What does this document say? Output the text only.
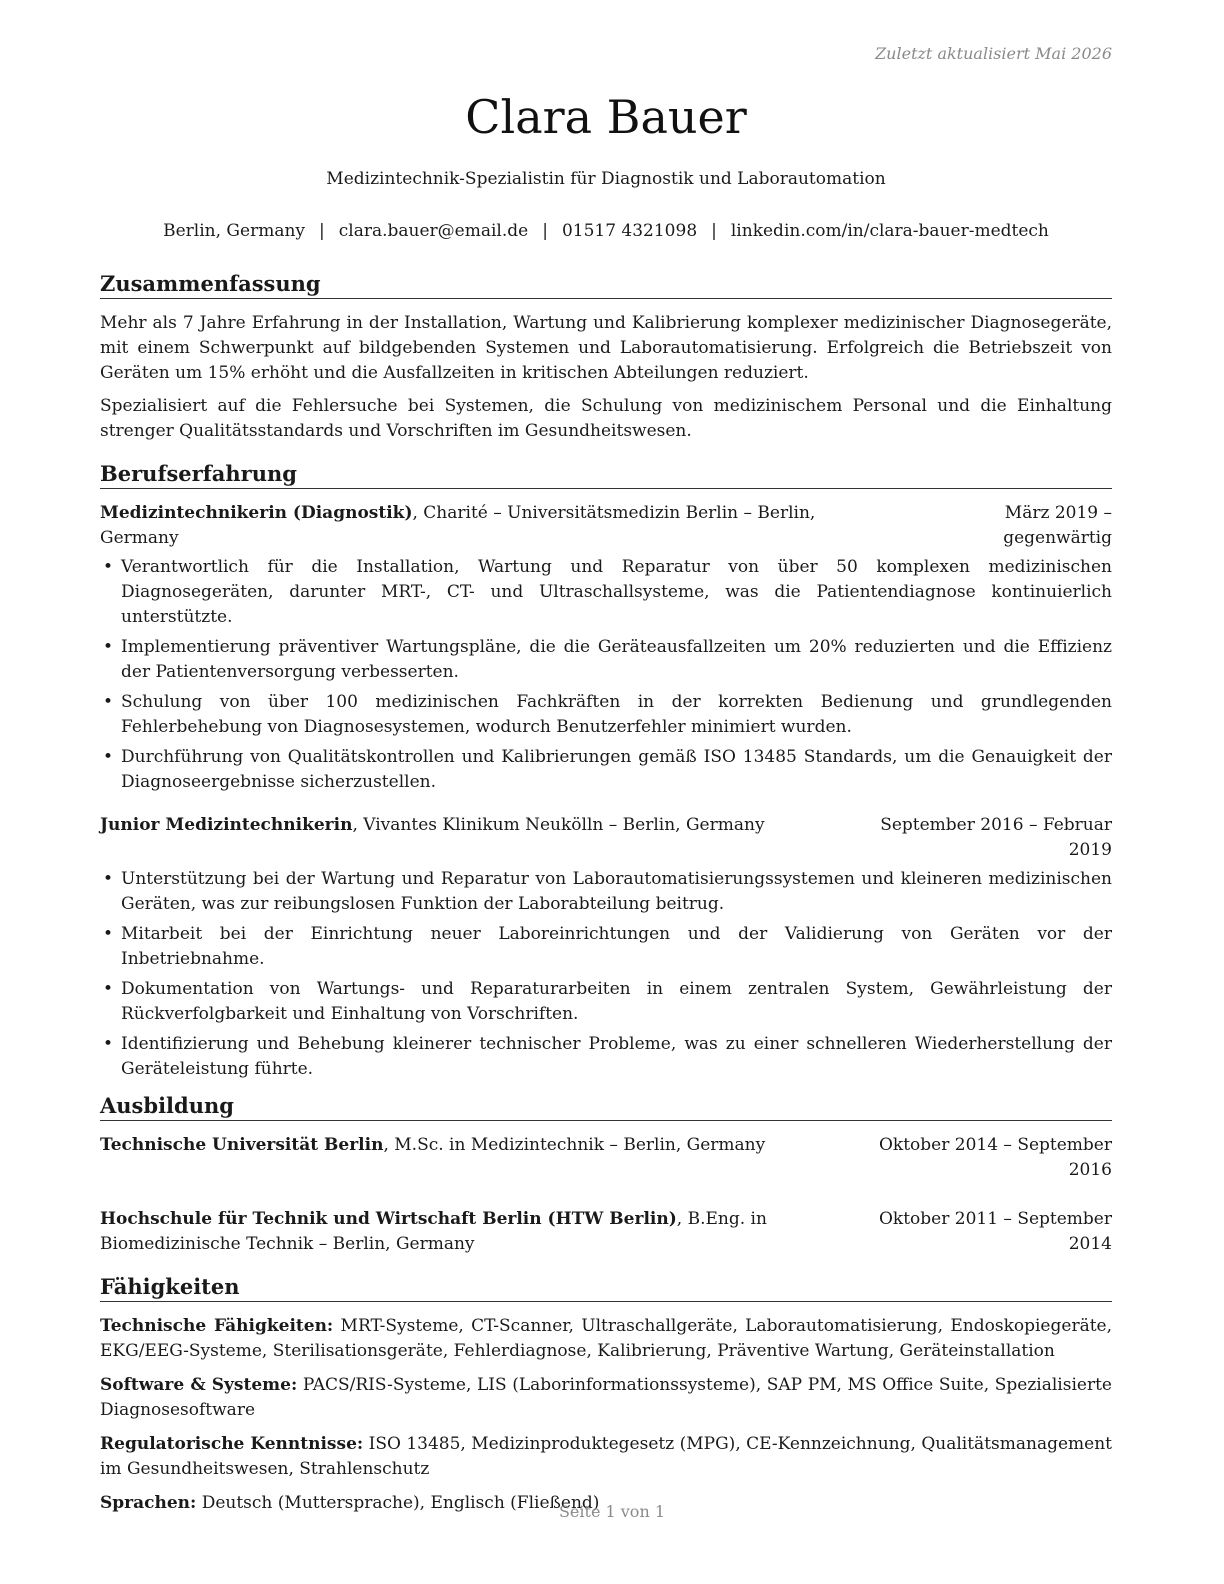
Zuletzt aktualisiert Mai 2026
Clara Bauer
Medizintechnik-Spezialistin für Diagnostik und Laborautomation
Berlin, Germany | clara.bauer@email.de | 01517 4321098 | linkedin.com/in/clara-bauer-medtech
Zusammenfassung

Mehr als 7 Jahre Erfahrung in der Installation, Wartung und Kalibrierung komplexer medizinischer Diagnosegeräte, mit einem Schwerpunkt auf bildgebenden Systemen und Laborautomatisierung. Erfolgreich die Betriebszeit von Geräten um 15% erhöht und die Ausfallzeiten in kritischen Abteilungen reduziert.

Spezialisiert auf die Fehlersuche bei Systemen, die Schulung von medizinischem Personal und die Einhaltung strenger Qualitätsstandards und Vorschriften im Gesundheitswesen.

Berufserfahrung
Medizintechnikerin (Diagnostik), Charité – Universitätsmedizin Berlin – Berlin, Germany
März 2019 – gegenwärtig
• Verantwortlich für die Installation, Wartung und Reparatur von über 50 komplexen medizinischen Diagnosegeräten, darunter MRT-, CT- und Ultraschallsysteme, was die Patientendiagnose kontinuierlich unterstützte.
• Implementierung präventiver Wartungspläne, die die Geräteausfallzeiten um 20% reduzierten und die Effizienz der Patientenversorgung verbesserten.
• Schulung von über 100 medizinischen Fachkräften in der korrekten Bedienung und grundlegenden Fehlerbehebung von Diagnosesystemen, wodurch Benutzerfehler minimiert wurden.
• Durchführung von Qualitätskontrollen und Kalibrierungen gemäß ISO 13485 Standards, um die Genauigkeit der Diagnoseergebnisse sicherzustellen.
Junior Medizintechnikerin, Vivantes Klinikum Neukölln – Berlin, Germany	September 2016 – Februar 2019
• Unterstützung bei der Wartung und Reparatur von Laborautomatisierungssystemen und kleineren medizinischen Geräten, was zur reibungslosen Funktion der Laborabteilung beitrug.
• Mitarbeit bei der Einrichtung neuer Laboreinrichtungen und der Validierung von Geräten vor der Inbetriebnahme.
• Dokumentation von Wartungs- und Reparaturarbeiten in einem zentralen System, Gewährleistung der Rückverfolgbarkeit und Einhaltung von Vorschriften.
• Identifizierung und Behebung kleinerer technischer Probleme, was zu einer schnelleren Wiederherstellung der Geräteleistung führte.
Ausbildung
Technische Universität Berlin, M.Sc. in Medizintechnik – Berlin, Germany	Oktober 2014 – September 2016
Hochschule für Technik und Wirtschaft Berlin (HTW Berlin), B.Eng. in Biomedizinische Technik – Berlin, Germany
Oktober 2011 – September 2014
Fähigkeiten

Technische Fähigkeiten: MRT-Systeme, CT-Scanner, Ultraschallgeräte, Laborautomatisierung, Endoskopiegeräte, EKG/EEG-Systeme, Sterilisationsgeräte, Fehlerdiagnose, Kalibrierung, Präventive Wartung, Geräteinstallation

Software & Systeme: PACS/RIS-Systeme, LIS (Laborinformationssysteme), SAP PM, MS Office Suite, Spezialisierte Diagnosesoftware

Regulatorische Kenntnisse: ISO 13485, Medizinproduktegesetz (MPG), CE-Kennzeichnung, Qualitätsmanagement im Gesundheitswesen, Strahlenschutz

Sprachen: Deutsch (Muttersprache), Englisch (Fließend)

Seite 1 von 1
